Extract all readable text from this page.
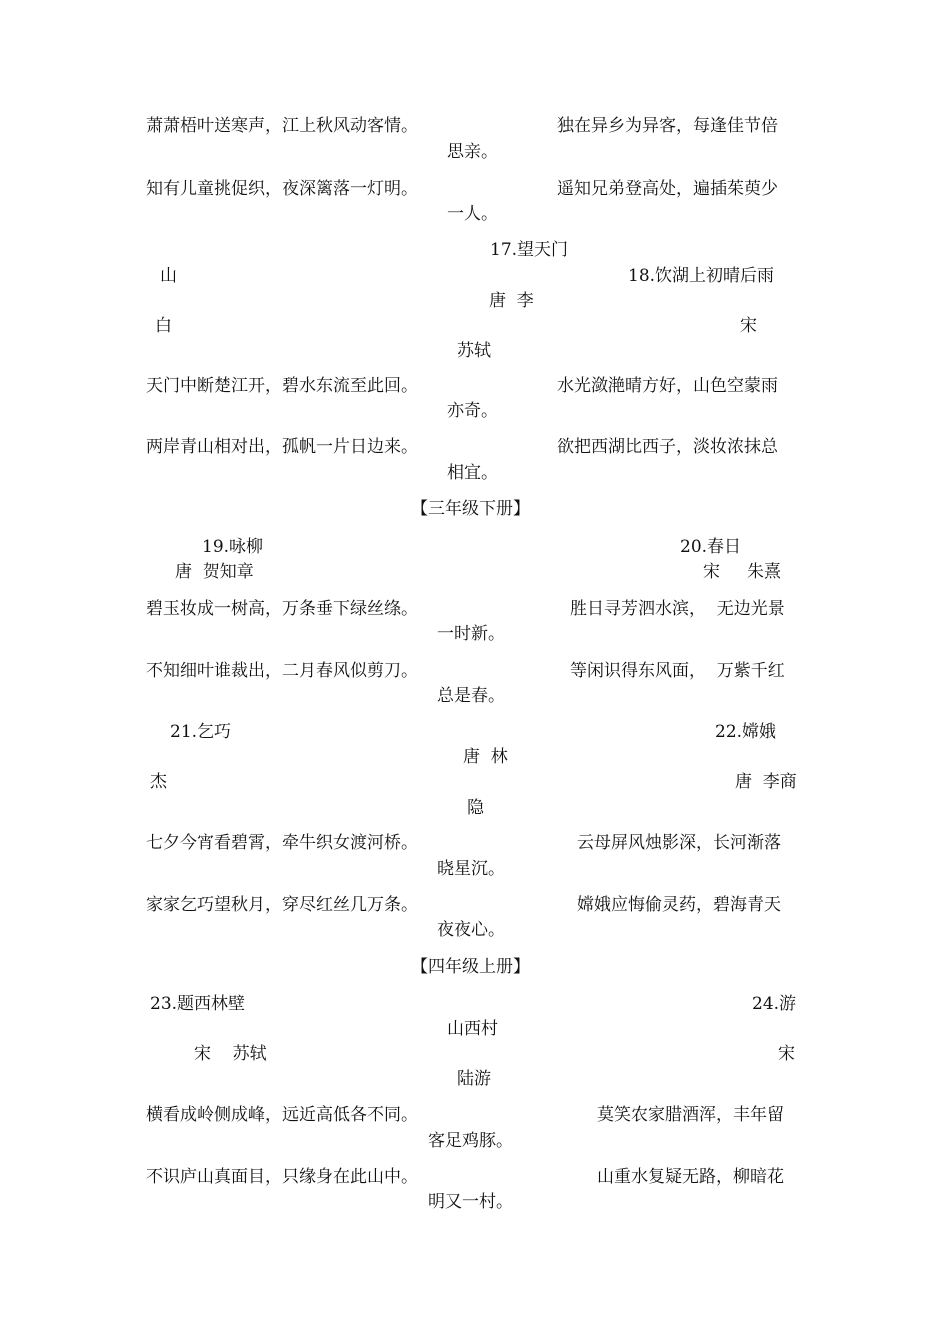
萧萧梧叶送寒声，江上秋风动客情。	独在异乡为异客，每逢佳节倍
思亲。
知有儿童挑促织，夜深篱落一灯明。	遥知兄弟登高处，遍插茱萸少
一人。
17.望天门
山	18.饮湖上初晴后雨
唐  李
白	宋
苏轼
天门中断楚江开，碧水东流至此回。	水光潋滟晴方好，山色空蒙雨
亦奇。
两岸青山相对出，孤帆一片日边来。	欲把西湖比西子，淡妆浓抹总
相宜。
【三年级下册】
19.咏柳	20.春日
唐  贺知章	宋     朱熹
碧玉妆成一树高，万条垂下绿丝绦。	胜日寻芳泗水滨，  无边光景
一时新。
不知细叶谁裁出，二月春风似剪刀。	等闲识得东风面，  万紫千红
总是春。
21.乞巧	22.嫦娥
唐  林
杰	唐  李商
隐
七夕今宵看碧霄，牵牛织女渡河桥。	云母屏风烛影深，长河渐落
晓星沉。
家家乞巧望秋月，穿尽红丝几万条。	嫦娥应悔偷灵药，碧海青天
夜夜心。
【四年级上册】
23.题西林壁	24.游
山西村
宋    苏轼	宋
陆游
横看成岭侧成峰，远近高低各不同。	莫笑农家腊酒浑，丰年留
客足鸡豚。
不识庐山真面目，只缘身在此山中。	山重水复疑无路，柳暗花
明又一村。
